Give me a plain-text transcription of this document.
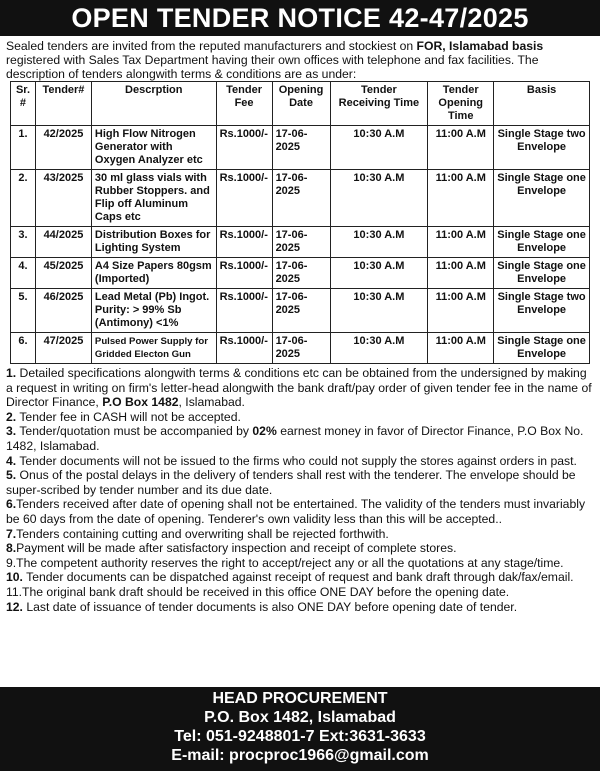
OPEN TENDER NOTICE 42-47/2025
Sealed tenders are invited from the reputed manufacturers and stockiest on FOR, Islamabad basis registered with Sales Tax Department having their own offices with telephone and fax facilities. The description of tenders alongwith terms & conditions are as under:
Sr. #	Tender#	Descrption	Tender Fee	Opening Date	Tender Receiving Time	Tender Opening Time	Basis
1.	42/2025	High Flow Nitrogen Generator with Oxygen Analyzer etc	Rs.1000/-	17-06-2025	10:30 A.M	11:00 A.M	Single Stage two Envelope
2.	43/2025	30 ml glass vials with Rubber Stoppers. and Flip off Aluminum Caps etc	Rs.1000/-	17-06-2025	10:30 A.M	11:00 A.M	Single Stage one Envelope
3.	44/2025	Distribution Boxes for Lighting System	Rs.1000/-	17-06-2025	10:30 A.M	11:00 A.M	Single Stage one Envelope
4.	45/2025	A4 Size Papers 80gsm (Imported)	Rs.1000/-	17-06-2025	10:30 A.M	11:00 A.M	Single Stage one Envelope
5.	46/2025	Lead Metal (Pb) Ingot. Purity: > 99% Sb (Antimony) <1%	Rs.1000/-	17-06-2025	10:30 A.M	11:00 A.M	Single Stage two Envelope
6.	47/2025	Pulsed Power Supply for Gridded Electon Gun	Rs.1000/-	17-06-2025	10:30 A.M	11:00 A.M	Single Stage one Envelope

1. Detailed specifications alongwith terms & conditions etc can be obtained from the undersigned by making a request in writing on firm's letter-head alongwith the bank draft/pay order of given tender fee in the name of Director Finance, P.O Box 1482, Islamabad.

2. Tender fee in CASH will not be accepted.

3. Tender/quotation must be accompanied by 02% earnest money in favor of Director Finance, P.O Box No. 1482, Islamabad.

4. Tender documents will not be issued to the firms who could not supply the stores against orders in past.

5. Onus of the postal delays in the delivery of tenders shall rest with the tenderer. The envelope should be super-scribed by tender number and its due date.

6.Tenders received after date of opening shall not be entertained. The validity of the tenders must invariably be 60 days from the date of opening. Tenderer's own validity less than this will be accepted..

7.Tenders containing cutting and overwriting shall be rejected forthwith.

8.Payment will be made after satisfactory inspection and receipt of complete stores.

9.The competent authority reserves the right to accept/reject any or all the quotations at any stage/time.

10. Tender documents can be dispatched against receipt of request and bank draft through dak/fax/email.

11.The original bank draft should be received in this office ONE DAY before the opening date.

12. Last date of issuance of tender documents is also ONE DAY before opening date of tender.

HEAD PROCUREMENT
P.O. Box 1482, Islamabad
Tel: 051-9248801-7 Ext:3631-3633
E-mail: procproc1966@gmail.com
